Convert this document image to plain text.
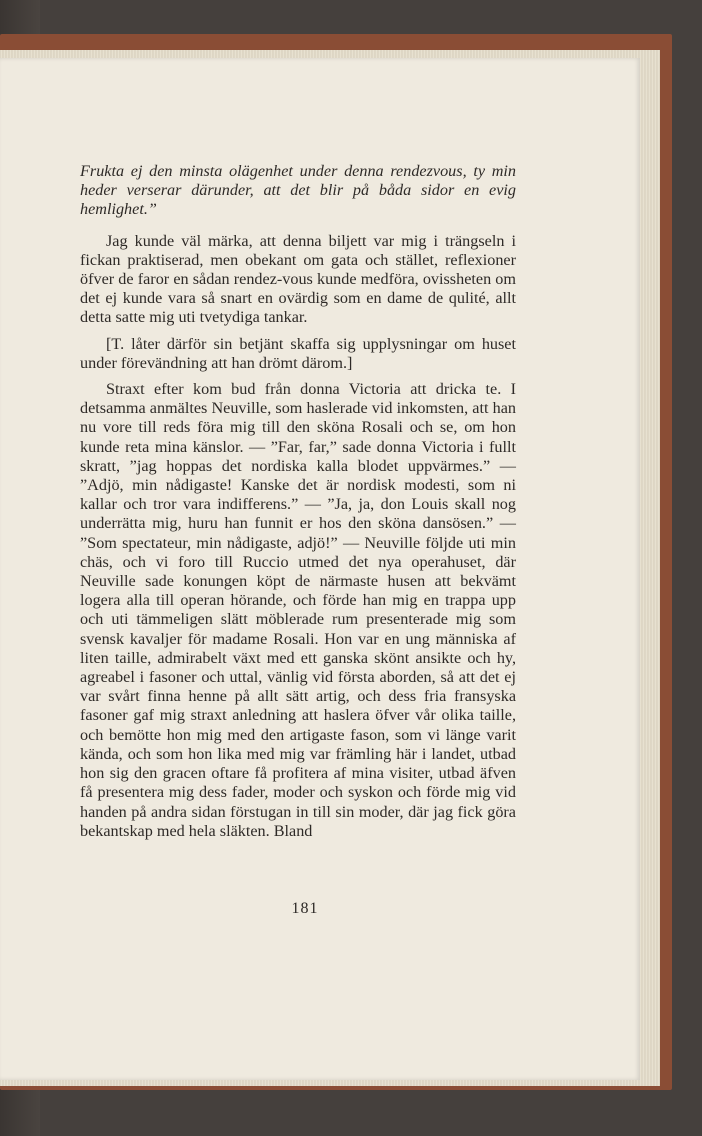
Frukta ej den minsta olägenhet under denna rendezvous, ty min heder verserar därunder, att det blir på båda sidor en evig hemlighet.”

Jag kunde väl märka, att denna biljett var mig i trängseln i fickan praktiserad, men obekant om gata och stället, reflexioner öfver de faror en sådan rendez-vous kunde medföra, ovissheten om det ej kunde vara så snart en ovärdig som en dame de qulité, allt detta satte mig uti tvetydiga tankar.

[T. låter därför sin betjänt skaffa sig upplysningar om huset under förevändning att han drömt därom.]

Straxt efter kom bud från donna Victoria att dricka te. I detsamma anmältes Neuville, som haslerade vid inkomsten, att han nu vore till reds föra mig till den sköna Rosali och se, om hon kunde reta mina känslor. — ”Far, far,” sade donna Victoria i fullt skratt, ”jag hoppas det nordiska kalla blodet uppvärmes.” — ”Adjö, min nådigaste! Kanske det är nordisk modesti, som ni kallar och tror vara indifferens.” — ”Ja, ja, don Louis skall nog underrätta mig, huru han funnit er hos den sköna dansösen.” — ”Som spectateur, min nådigaste, adjö!” — Neuville följde uti min chäs, och vi foro till Ruccio utmed det nya operahuset, där Neuville sade konungen köpt de närmaste husen att bekvämt logera alla till operan hörande, och förde han mig en trappa upp och uti tämmeligen slätt möblerade rum presenterade mig som svensk kavaljer för madame Rosali. Hon var en ung människa af liten taille, admirabelt växt med ett ganska skönt ansikte och hy, agreabel i fasoner och uttal, vänlig vid första aborden, så att det ej var svårt finna henne på allt sätt artig, och dess fria fransyska fasoner gaf mig straxt anledning att haslera öfver vår olika taille, och bemötte hon mig med den artigaste fason, som vi länge varit kända, och som hon lika med mig var främling här i landet, utbad hon sig den gracen oftare få profitera af mina visiter, utbad äfven få presentera mig dess fader, moder och syskon och förde mig vid handen på andra sidan förstugan in till sin moder, där jag fick göra bekantskap med hela släkten. Bland

181
